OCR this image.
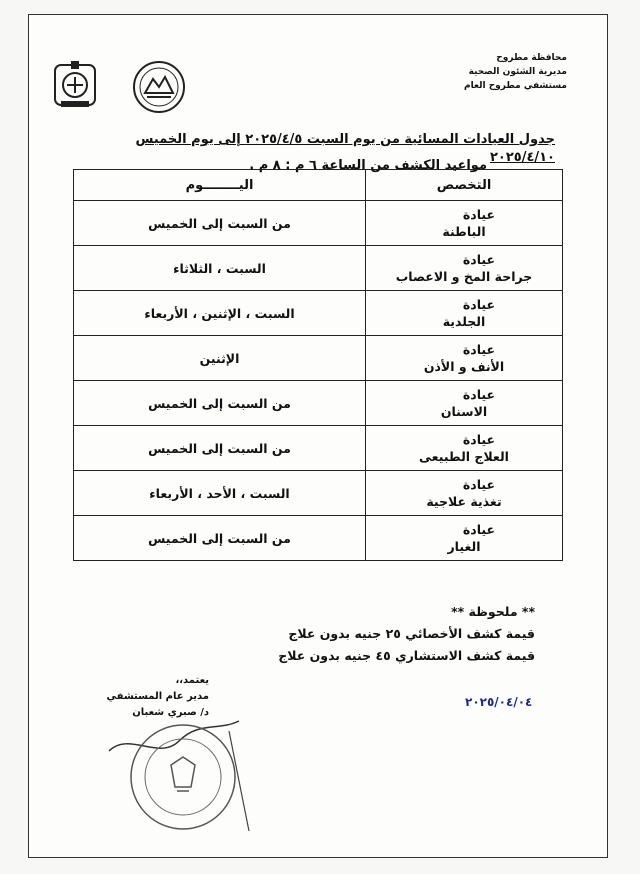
محافظة مطروح
مديرية الشئون الصحية
مستشفي مطروح العام
جدول العيادات المسائية من يوم السبت ٢٠٢٥/٤/٥ إلى يوم الخميس ٢٠٢٥/٤/١٠
مواعيد الكشف من الساعة ٦ م : ٨ م .
التخصص	اليــــــــوم

عيادة
الباطنة	من السبت إلى الخميس

عيادة
جراحة المخ و الاعصاب	السبت ، الثلاثاء

عيادة
الجلدية	السبت ، الإثنين ، الأربعاء

عيادة
الأنف و الأذن	الإثنين

عيادة
الاسنان	من السبت إلى الخميس

عيادة
العلاج الطبيعى	من السبت إلى الخميس

عيادة
تغذية علاجية	السبت ، الأحد ، الأربعاء

عيادة
الغيار	من السبت إلى الخميس
** ملحوظة **
قيمة كشف الأخصائي ٢٥ جنيه بدون علاج
قيمة كشف الاستشاري ٤٥ جنيه بدون علاج
يعتمد،،
مدير عام المستشفي
د/ صبري شعبان
٢٠٢٥/٠٤/٠٤
